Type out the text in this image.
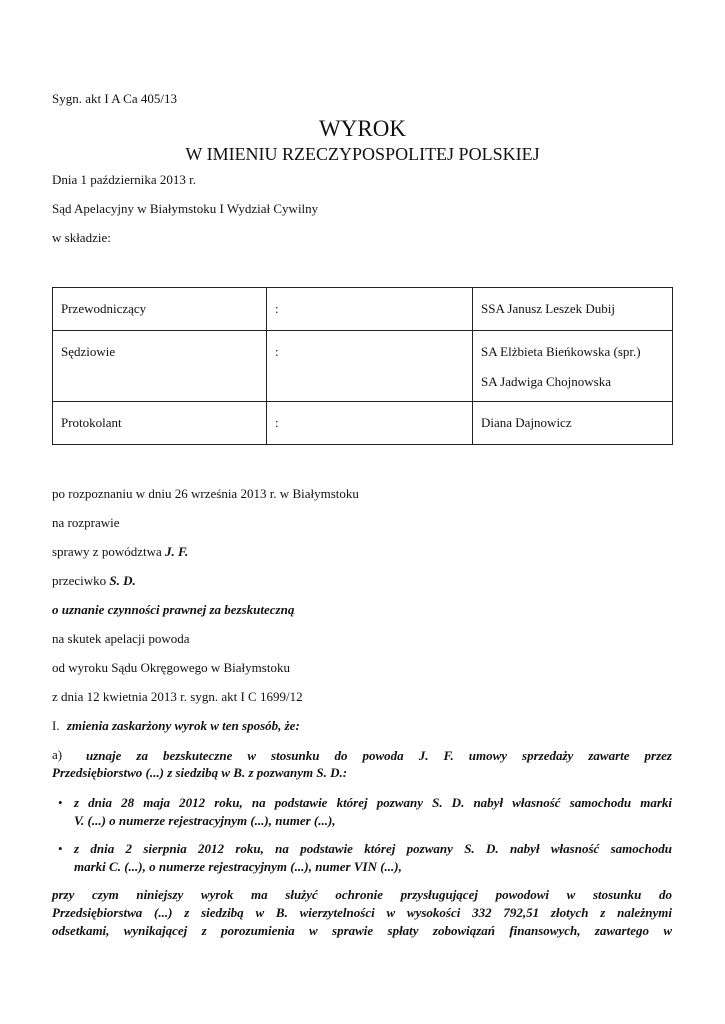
Sygn. akt I A Ca 405/13
WYROK
W IMIENIU RZECZYPOSPOLITEJ POLSKIEJ
Dnia 1 października 2013 r.
Sąd Apelacyjny w Białymstoku I Wydział Cywilny
w składzie:
Przewodniczący	:	SSA Janusz Leszek Dubij
Sędziowie	:	SA Elżbieta Bieńkowska (spr.)
SA Jadwiga Chojnowska

Protokolant	:	Diana Dajnowicz
po rozpoznaniu w dniu 26 września 2013 r. w Białymstoku
na rozprawie
sprawy z powództwa J. F.
przeciwko S. D.
o uznanie czynności prawnej za bezskuteczną
na skutek apelacji powoda
od wyroku Sądu Okręgowego w Białymstoku
z dnia 12 kwietnia 2013 r. sygn. akt I C 1699/12
I. zmienia zaskarżony wyrok w ten sposób, że:
a) uznaje za bezskuteczne w stosunku do powoda J. F. umowy sprzedaży zawarte przez
Przedsiębiorstwo (...) z siedzibą w B. z pozwanym S. D.:
• z dnia 28 maja 2012 roku, na podstawie której pozwany S. D. nabył własność samochodu marki
V. (...) o numerze rejestracyjnym (...), numer (...),
• z dnia 2 sierpnia 2012 roku, na podstawie której pozwany S. D. nabył własność samochodu
marki C. (...), o numerze rejestracyjnym (...), numer VIN (...),
przy czym niniejszy wyrok ma służyć ochronie przysługującej powodowi w stosunku do
Przedsiębiorstwa (...) z siedzibą w B. wierzytelności w wysokości 332 792,51 złotych z należnymi
odsetkami, wynikającej z porozumienia w sprawie spłaty zobowiązań finansowych, zawartego w
